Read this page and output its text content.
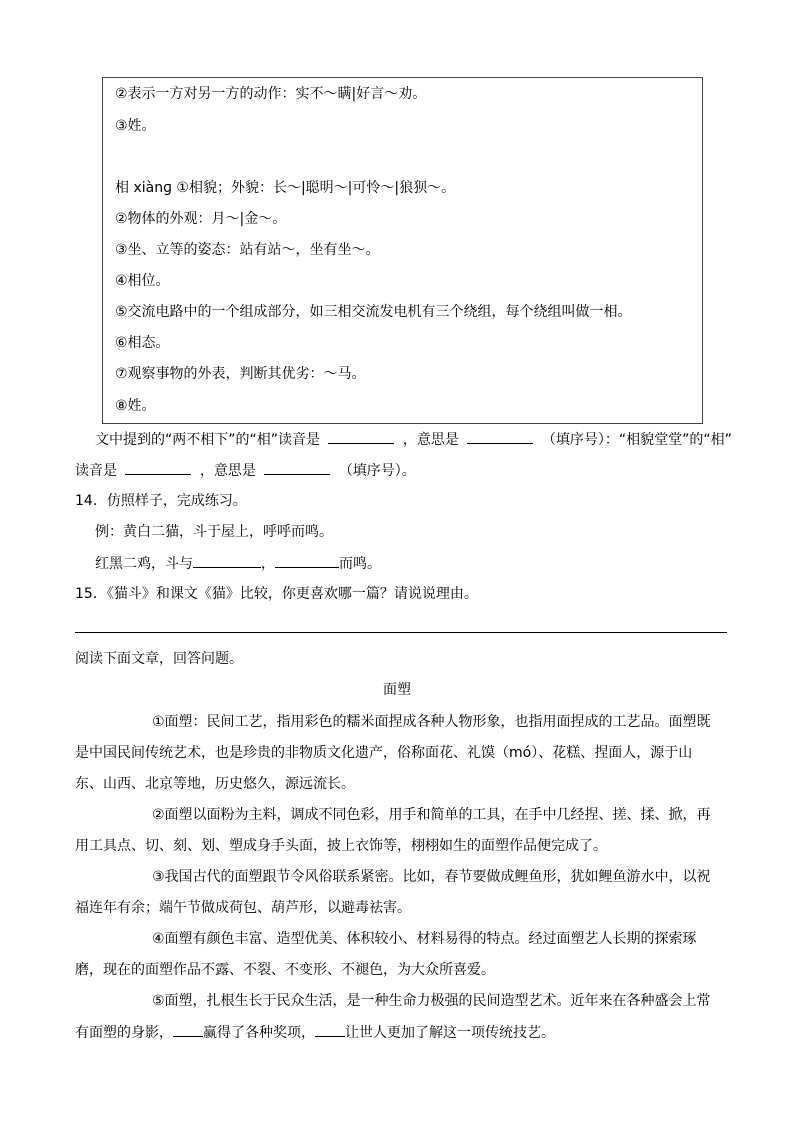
②表示一方对另一方的动作：实不～瞒|好言～劝。
③姓。
相 xiànɡ ①相貌；外貌：长～|聪明～|可怜～|狼狈～。
②物体的外观：月～|金～。
③坐、立等的姿态：站有站～，坐有坐～。
④相位。
⑤交流电路中的一个组成部分，如三相交流发电机有三个绕组，每个绕组叫做一相。
⑥相态。
⑦观察事物的外表，判断其优劣：～马。
⑧姓。
文中提到的“两不相下”的“相”读音是	，意思是	（填序号）：“相貌堂堂”的“相”
读音是	，意思是	（填序号）。
14．仿照样子，完成练习。
例：黄白二猫，斗于屋上，呼呼而鸣。
红黑二鸡，斗与	，	而鸣。
15．《猫斗》和课文《猫》比较，你更喜欢哪一篇？请说说理由。
阅读下面文章，回答问题。
面塑
①面塑：民间工艺，指用彩色的糯米面捏成各种人物形象，也指用面捏成的工艺品。面塑既
是中国民间传统艺术，也是珍贵的非物质文化遗产，俗称面花、礼馍（mó）、花糕、捏面人，源于山
东、山西、北京等地，历史悠久，源远流长。
②面塑以面粉为主料，调成不同色彩，用手和简单的工具，在手中几经捏、搓、揉、掀，再
用工具点、切、刻、划、塑成身手头面，披上衣饰等，栩栩如生的面塑作品便完成了。
③我国古代的面塑跟节令风俗联系紧密。比如，春节要做成鲤鱼形，犹如鲤鱼游水中，以祝
福连年有余；端午节做成荷包、葫芦形，以避毒祛害。
④面塑有颜色丰富、造型优美、体积较小、材料易得的特点。经过面塑艺人长期的探索琢
磨，现在的面塑作品不露、不裂、不变形、不褪色，为大众所喜爱。
⑤面塑，扎根生长于民众生活，是一种生命力极强的民间造型艺术。近年来在各种盛会上常
有面塑的身影， 赢得了各种奖项， 让世人更加了解这一项传统技艺。
